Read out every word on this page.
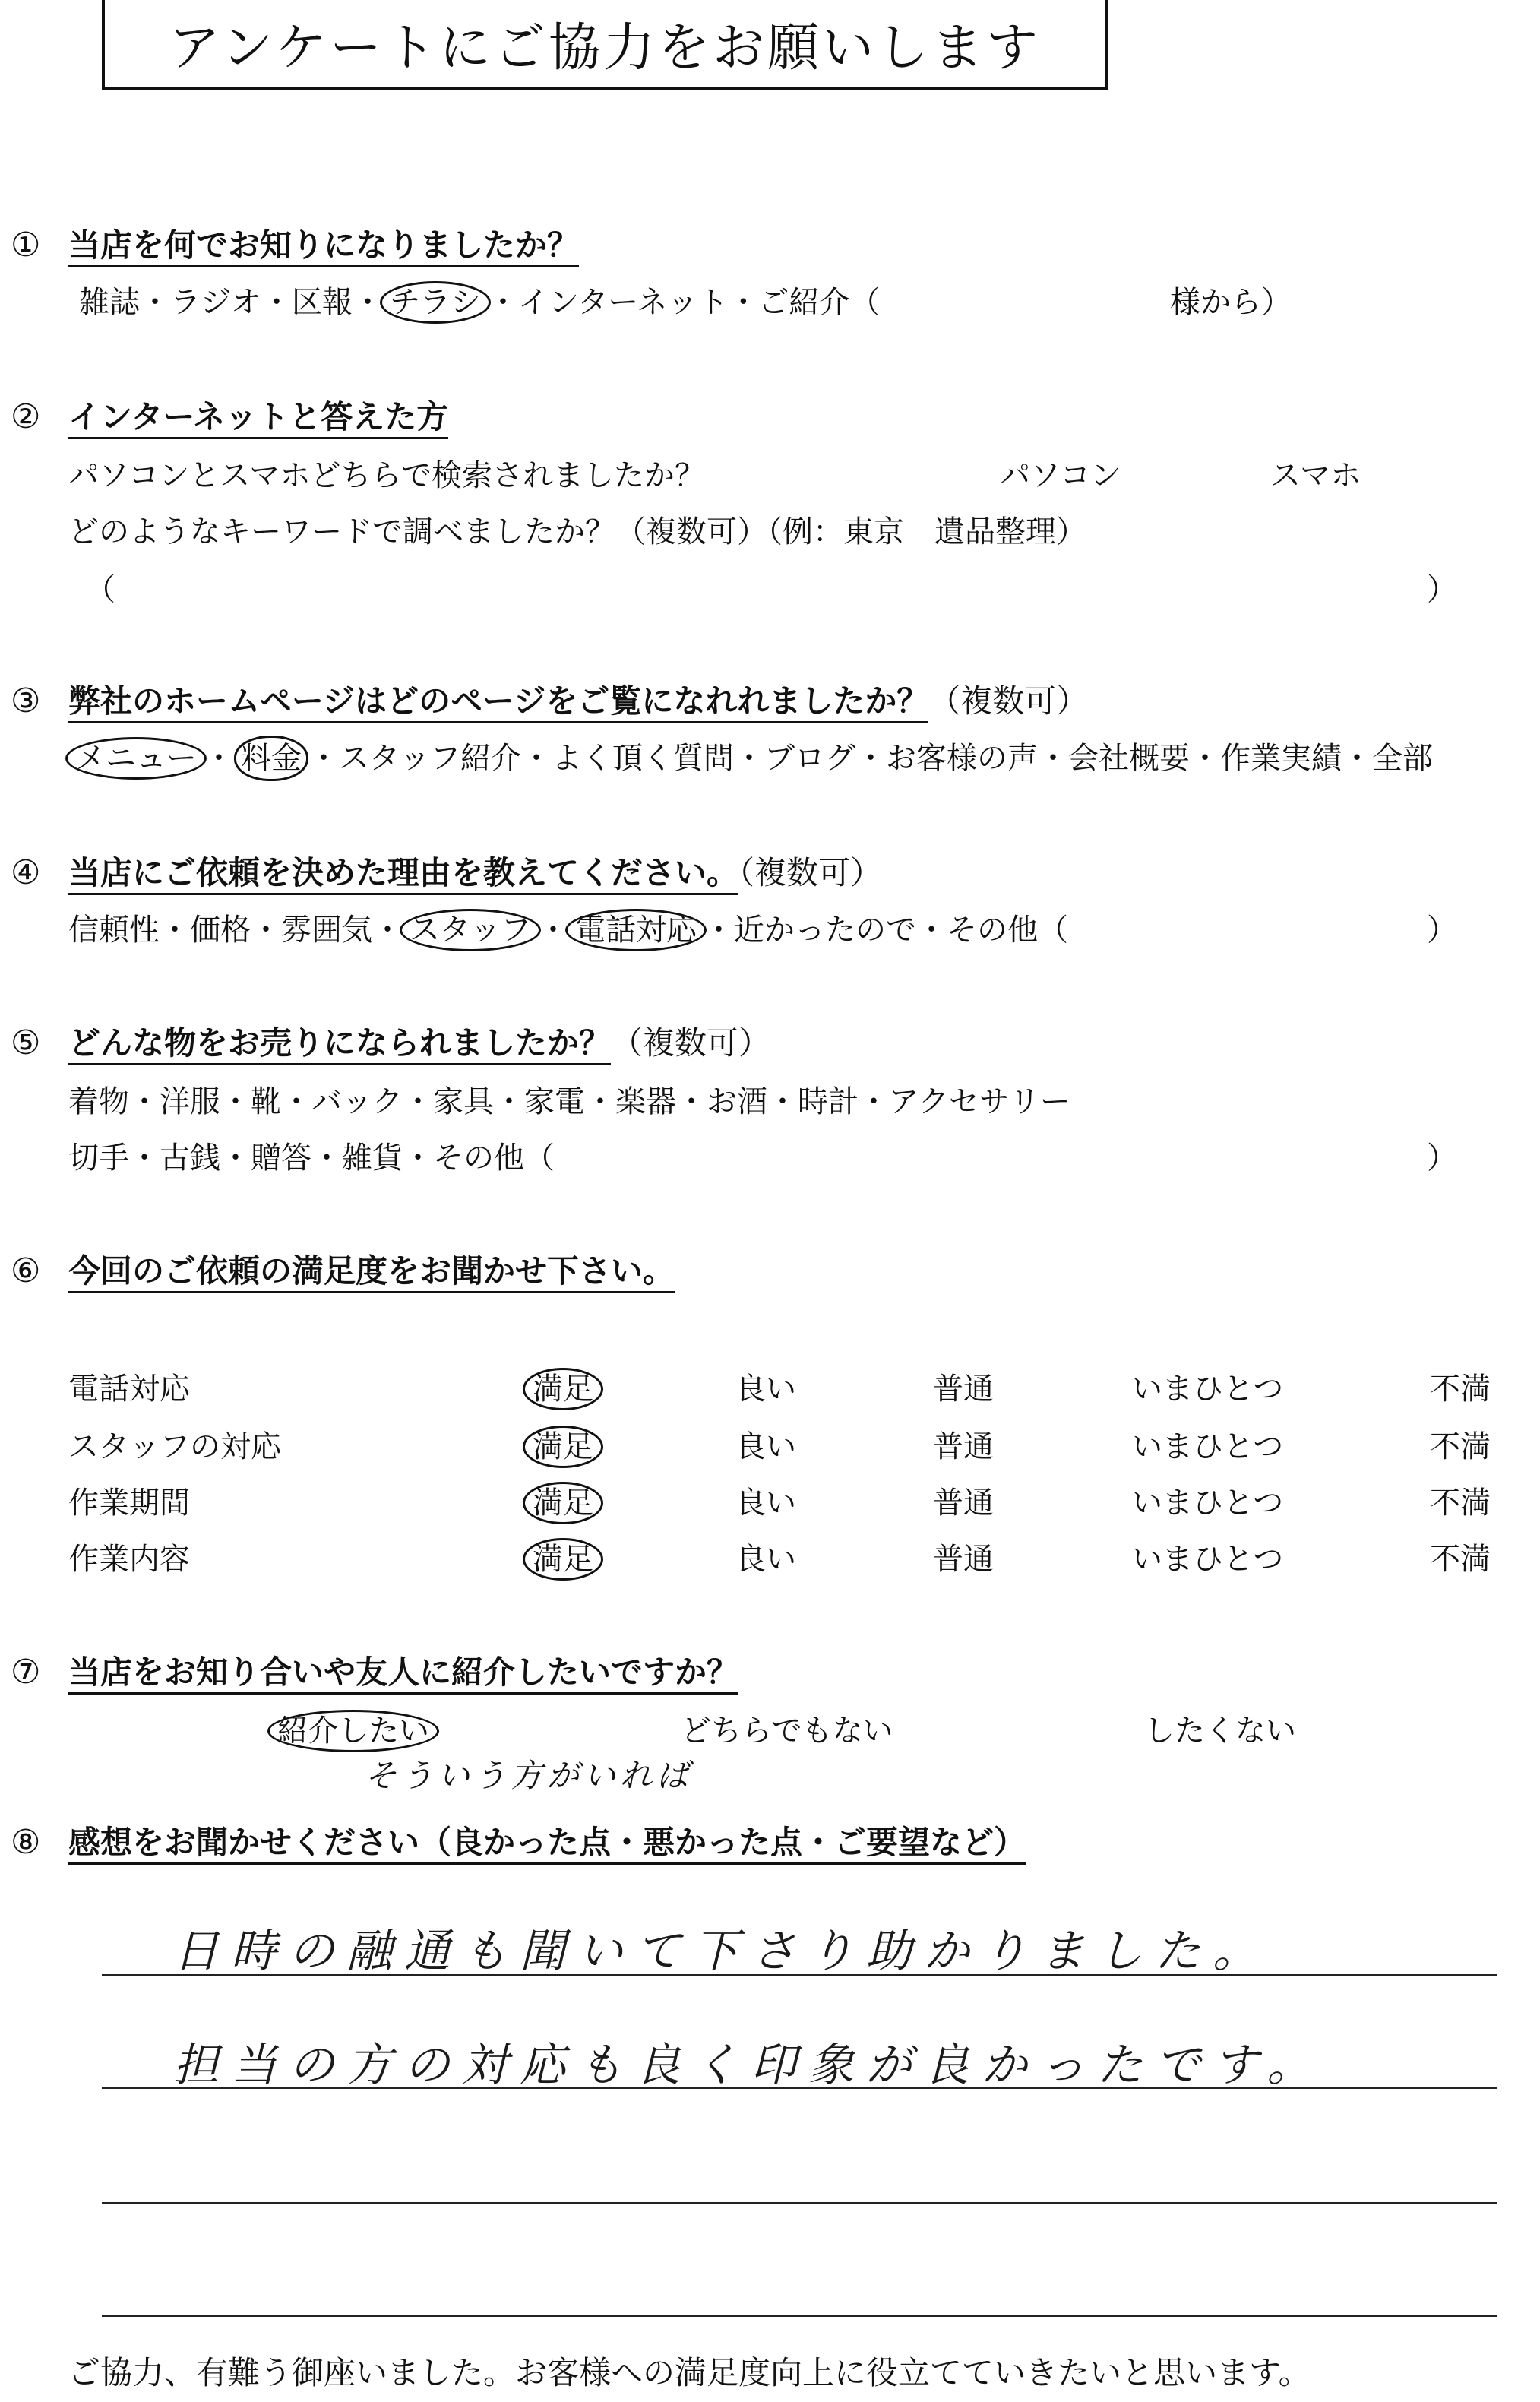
アンケートにご協力をお願いします
① 当店を何でお知りになりましたか？
雑誌・ラジオ・区報・ チラシ ・インターネット・ご紹介（	様から）
② インターネットと答えた方
パソコンとスマホどちらで検索されましたか？	パソコン	スマホ
どのようなキーワードで調べましたか？（複数可）（例：東京　遺品整理）
（	）
③ 弊社のホームページはどのページをご覧になれれましたか？（複数可）
メニュー ・ 料金 ・スタッフ紹介・よく頂く質問・ブログ・お客様の声・会社概要・作業実績・全部
④ 当店にご依頼を決めた理由を教えてください。（複数可）
信頼性・価格・雰囲気・ スタッフ ・ 電話対応 ・近かったので・その他（	）
⑤ どんな物をお売りになられましたか？（複数可）
着物・洋服・靴・バック・家具・家電・楽器・お酒・時計・アクセサリー
切手・古銭・贈答・雑貨・その他（	）
⑥ 今回のご依頼の満足度をお聞かせ下さい。
電話対応	満足	良い	普通	いまひとつ	不満
スタッフの対応	満足	良い	普通	いまひとつ	不満
作業期間	満足	良い	普通	いまひとつ	不満
作業内容	満足	良い	普通	いまひとつ	不満
⑦ 当店をお知り合いや友人に紹介したいですか？
紹介したい	どちらでもない	したくない
そういう方がいれば
⑧ 感想をお聞かせください（良かった点・悪かった点・ご要望など）
日時の融通も聞いて下さり助かりました。
担当の方の対応も良く印象が良かったです。
ご協力、有難う御座いました。お客様への満足度向上に役立てていきたいと思います。
